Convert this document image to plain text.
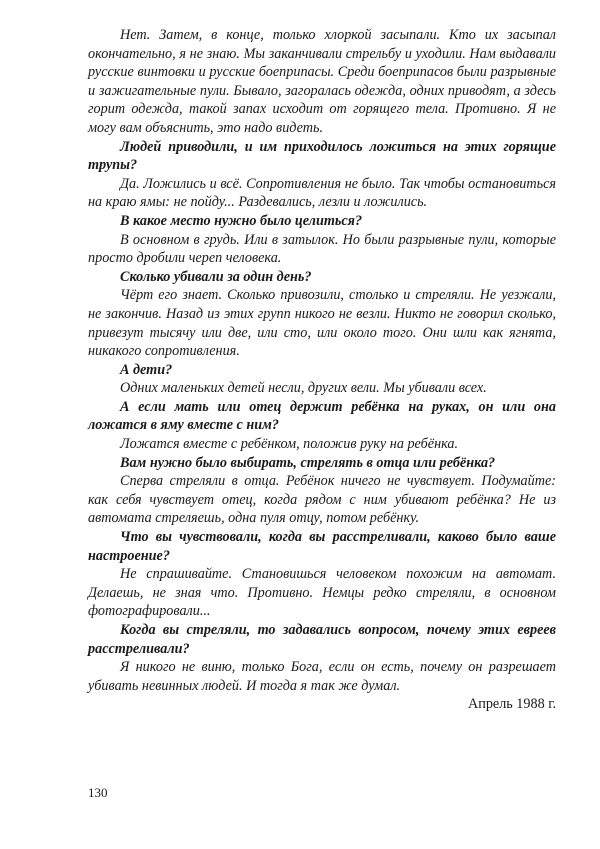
Нет. Затем, в конце, только хлоркой засыпали. Кто их засыпал окончательно, я не знаю. Мы заканчивали стрельбу и уходили. Нам выдавали русские винтовки и русские боеприпасы. Среди боеприпасов были разрывные и зажигательные пули. Бывало, загоралась одежда, одних приводят, а здесь горит одежда, такой запах исходит от горящего тела. Противно. Я не могу вам объяснить, это надо видеть.

Людей приводили, и им приходилось ложиться на этих горящие трупы?

Да. Ложились и всё. Сопротивления не было. Так чтобы остановиться на краю ямы: не пойду... Раздевались, лезли и ложились.

В какое место нужно было целиться?

В основном в грудь. Или в затылок. Но были разрывные пули, которые просто дробили череп человека.

Сколько убивали за один день?

Чёрт его знает. Сколько привозили, столько и стреляли. Не уезжали, не закончив. Назад из этих групп никого не везли. Никто не говорил сколько, привезут тысячу или две, или сто, или около того. Они шли как ягнята, никакого сопротивления.

А дети?

Одних маленьких детей несли, других вели. Мы убивали всех.

А если мать или отец держит ребёнка на руках, он или она ложатся в яму вместе с ним?

Ложатся вместе с ребёнком, положив руку на ребёнка.

Вам нужно было выбирать, стрелять в отца или ребёнка?

Сперва стреляли в отца. Ребёнок ничего не чувствует. Подумайте: как себя чувствует отец, когда рядом с ним убивают ребёнка? Не из автомата стреляешь, одна пуля отцу, потом ребёнку.

Что вы чувствовали, когда вы расстреливали, каково было ваше настроение?

Не спрашивайте. Становишься человеком похожим на автомат. Делаешь, не зная что. Противно. Немцы редко стреляли, в основном фотографировали...

Когда вы стреляли, то задавались вопросом, почему этих евреев расстреливали?

Я никого не виню, только Бога, если он есть, почему он разрешает убивать невинных людей. И тогда я так же думал.

Апрель 1988 г.

130
